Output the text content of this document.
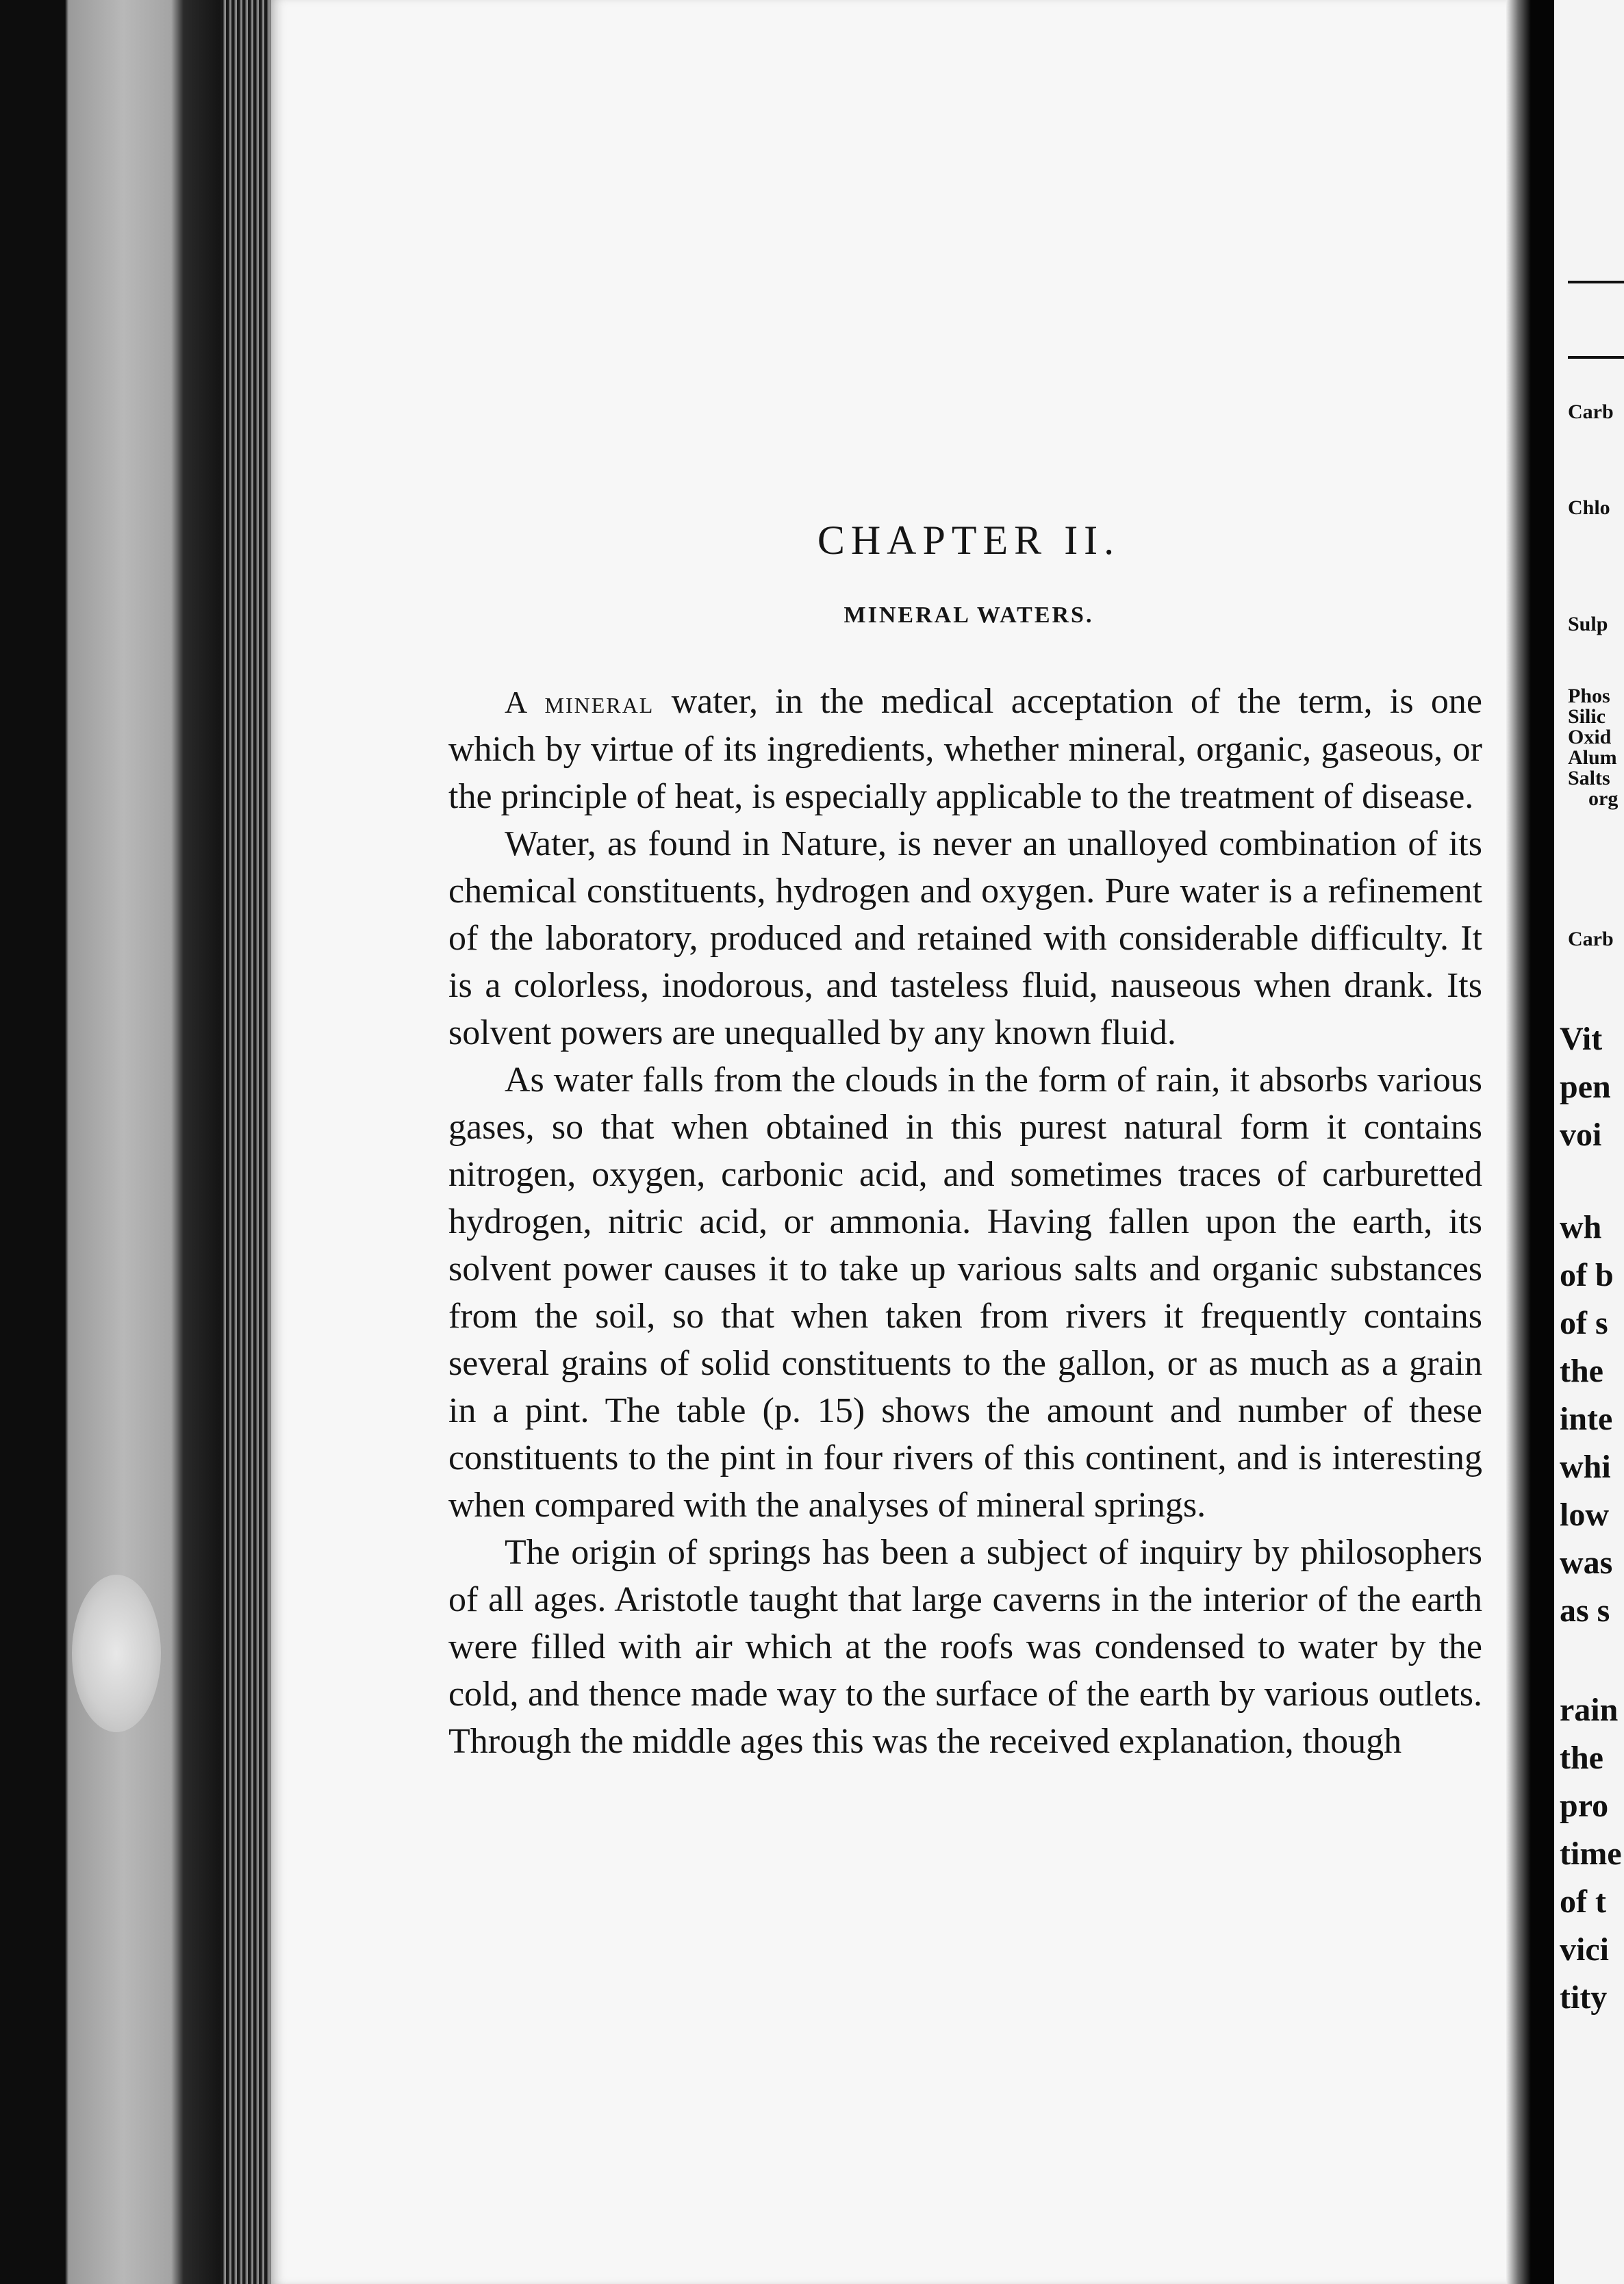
Carb
Chlo
Sulp
Phos
Silic
Oxid
Alum
Salts
org
Carb
Vit
pen
voi
wh
of b
of s
the
inte
whi
low
was
as s
rain
the
pro
time
of t
vici
tity
CHAPTER II.
MINERAL WATERS.

A mineral water, in the medical acceptation of the term, is one which by virtue of its ingredients, whether mineral, organic, gaseous, or the principle of heat, is especially applicable to the treatment of disease.

Water, as found in Nature, is never an unalloyed combination of its chemical constituents, hydrogen and oxygen. Pure water is a refinement of the laboratory, produced and retained with considerable difficulty. It is a colorless, inodorous, and tasteless fluid, nauseous when drank. Its solvent powers are unequalled by any known fluid.

As water falls from the clouds in the form of rain, it absorbs various gases, so that when obtained in this purest natural form it contains nitrogen, oxygen, carbonic acid, and sometimes traces of carburetted hydrogen, nitric acid, or ammonia. Having fallen upon the earth, its solvent power causes it to take up various salts and organic substances from the soil, so that when taken from rivers it frequently contains several grains of solid constituents to the gallon, or as much as a grain in a pint. The table (p. 15) shows the amount and number of these constituents to the pint in four rivers of this continent, and is interesting when compared with the analyses of mineral springs.

The origin of springs has been a subject of inquiry by philosophers of all ages. Aristotle taught that large caverns in the interior of the earth were filled with air which at the roofs was condensed to water by the cold, and thence made way to the surface of the earth by various outlets. Through the middle ages this was the received explanation, though
